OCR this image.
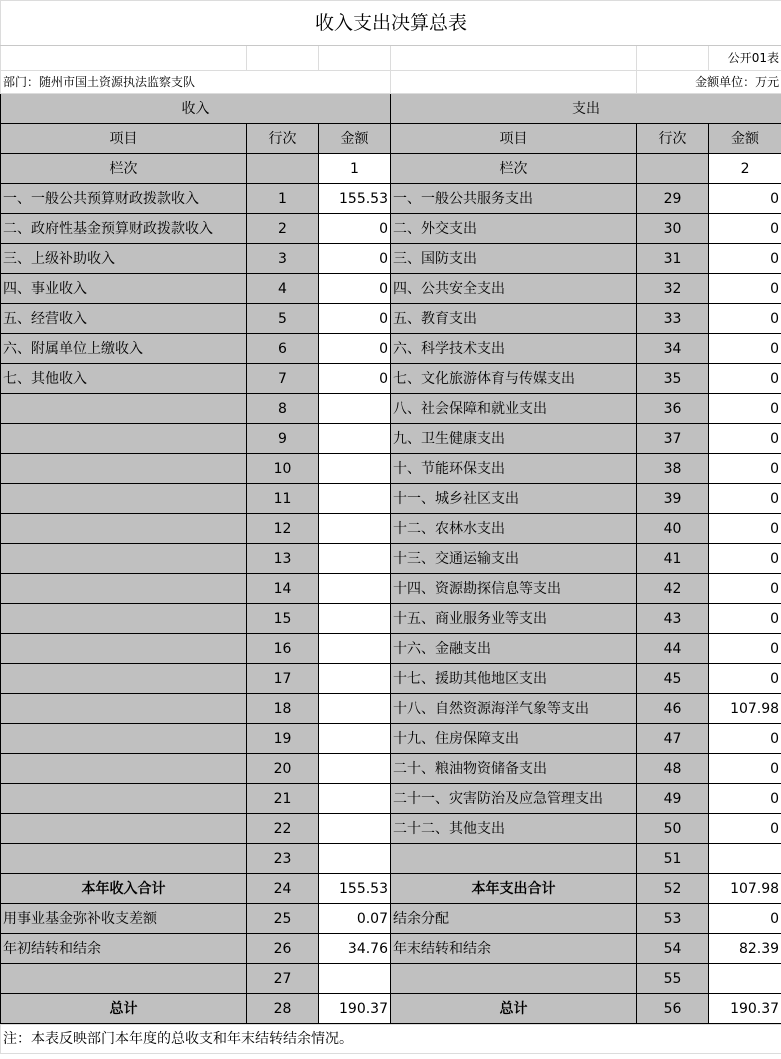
收入支出决算总表					
					公开01表
部门：随州市国土资源执法监察支队				金额单位：万元	
收入			支出		
项目	行次	金额	项目	行次	金额
栏次		1	栏次		2
一、一般公共预算财政拨款收入	1	155.53	一、一般公共服务支出	29	0
二、政府性基金预算财政拨款收入	2	0	二、外交支出	30	0
三、上级补助收入	3	0	三、国防支出	31	0
四、事业收入	4	0	四、公共安全支出	32	0
五、经营收入	5	0	五、教育支出	33	0
六、附属单位上缴收入	6	0	六、科学技术支出	34	0
七、其他收入	7	0	七、文化旅游体育与传媒支出	35	0
	8		八、社会保障和就业支出	36	0
	9		九、卫生健康支出	37	0
	10		十、节能环保支出	38	0
	11		十一、城乡社区支出	39	0
	12		十二、农林水支出	40	0
	13		十三、交通运输支出	41	0
	14		十四、资源勘探信息等支出	42	0
	15		十五、商业服务业等支出	43	0
	16		十六、金融支出	44	0
	17		十七、援助其他地区支出	45	0
	18		十八、自然资源海洋气象等支出	46	107.98
	19		十九、住房保障支出	47	0
	20		二十、粮油物资储备支出	48	0
	21		二十一、灾害防治及应急管理支出	49	0
	22		二十二、其他支出	50	0
	23			51	
本年收入合计	24	155.53	本年支出合计	52	107.98
用事业基金弥补收支差额	25	0.07	结余分配	53	0
年初结转和结余	26	34.76	年末结转和结余	54	82.39
	27			55	
总计	28	190.37	总计	56	190.37
注：本表反映部门本年度的总收支和年末结转结余情况。
